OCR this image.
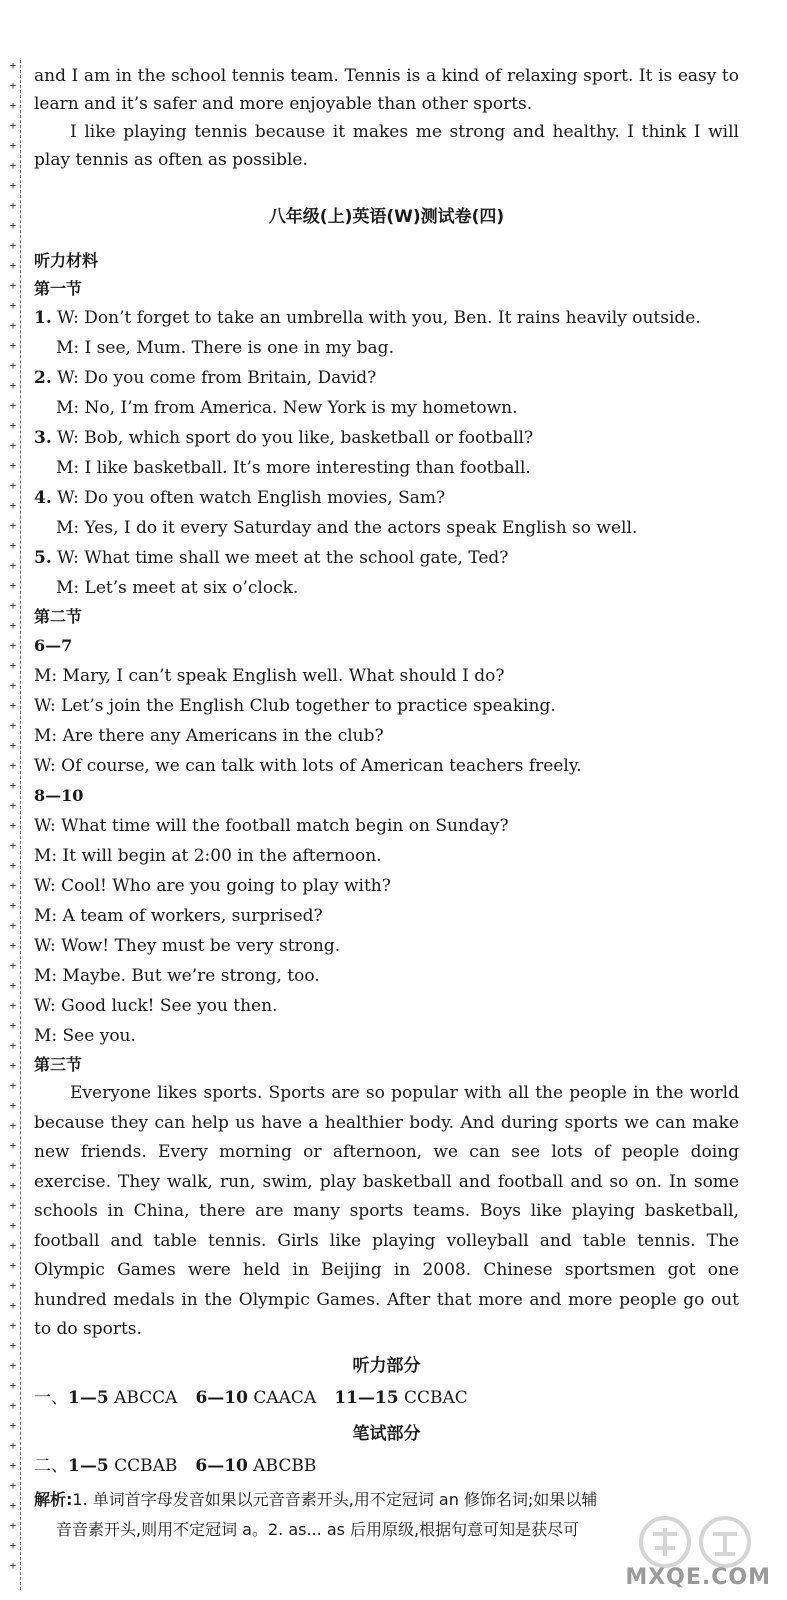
+
+
+
+
+
+
+
+
+
+
+
+
+
+
+
+
+
+
+
+
+
+
+
+
+
+
+
+
+
+
+
+
+
+
+
+
+
+
+
+
+
+
+
+
+
+
+
+
+
+
+
+
+
+
+
+
+
+
+
+
+
+
+
+
+
+
+
+
+
+
+
+
+
+
+
+

and I am in the school tennis team. Tennis is a kind of relaxing sport. It is easy to learn and it’s safer and more enjoyable than other sports.

I like playing tennis because it makes me strong and healthy. I think I will play tennis as often as possible.

八年级(上)英语(W)测试卷(四)

听力材料

第一节

1. W: Don’t forget to take an umbrella with you, Ben. It rains heavily outside.

M: I see, Mum. There is one in my bag.

2. W: Do you come from Britain, David?

M: No, I’m from America. New York is my hometown.

3. W: Bob, which sport do you like, basketball or football?

M: I like basketball. It’s more interesting than football.

4. W: Do you often watch English movies, Sam?

M: Yes, I do it every Saturday and the actors speak English so well.

5. W: What time shall we meet at the school gate, Ted?

M: Let’s meet at six o’clock.

第二节

6—7

M: Mary, I can’t speak English well. What should I do?

W: Let’s join the English Club together to practice speaking.

M: Are there any Americans in the club?

W: Of course, we can talk with lots of American teachers freely.

8—10

W: What time will the football match begin on Sunday?

M: It will begin at 2:00 in the afternoon.

W: Cool! Who are you going to play with?

M: A team of workers, surprised?

W: Wow! They must be very strong.

M: Maybe. But we’re strong, too.

W: Good luck! See you then.

M: See you.

第三节

Everyone likes sports. Sports are so popular with all the people in the world because they can help us have a healthier body. And during sports we can make new friends. Every morning or afternoon, we can see lots of people doing exercise. They walk, run, swim, play basketball and football and so on. In some schools in China, there are many sports teams. Boys like playing basketball, football and table tennis. Girls like playing volleyball and table tennis. The Olympic Games were held in Beijing in 2008. Chinese sportsmen got one hundred medals in the Olympic Games. After that more and more people go out to do sports.

听力部分

一、1—5 ABCCA 6—10 CAACA 11—15 CCBAC

笔试部分

二、1—5 CCBAB 6—10 ABCBB

解析:1. 单词首字母发音如果以元音音素开头,用不定冠词 an 修饰名词;如果以辅
音音素开头,则用不定冠词 a。2. as... as 后用原级,根据句意可知是获尽可
MXQE.COM
